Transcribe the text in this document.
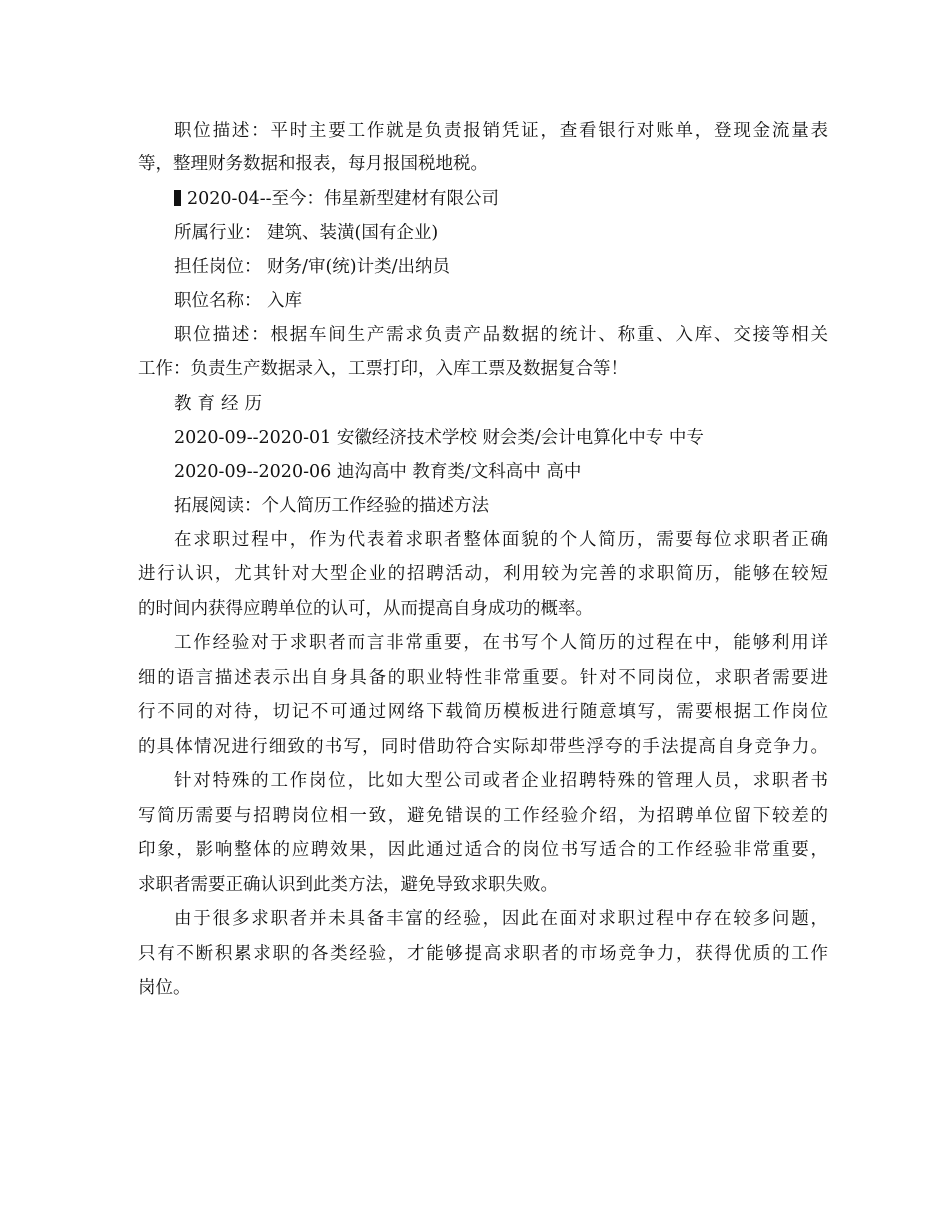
职位描述：平时主要工作就是负责报销凭证，查看银行对账单，登现金流量表
等，整理财务数据和报表，每月报国税地税。
2020-04--至今：伟星新型建材有限公司
所属行业： 建筑、装潢(国有企业)
担任岗位： 财务/审(统)计类/出纳员
职位名称： 入库
职位描述：根据车间生产需求负责产品数据的统计、称重、入库、交接等相关
工作：负责生产数据录入，工票打印，入库工票及数据复合等！
教育经历
2020-09--2020-01 安徽经济技术学校 财会类/会计电算化中专 中专
2020-09--2020-06 迪沟高中 教育类/文科高中 高中
拓展阅读：个人简历工作经验的描述方法
在求职过程中，作为代表着求职者整体面貌的个人简历，需要每位求职者正确
进行认识，尤其针对大型企业的招聘活动，利用较为完善的求职简历，能够在较短
的时间内获得应聘单位的认可，从而提高自身成功的概率。
工作经验对于求职者而言非常重要，在书写个人简历的过程在中，能够利用详
细的语言描述表示出自身具备的职业特性非常重要。针对不同岗位，求职者需要进
行不同的对待，切记不可通过网络下载简历模板进行随意填写，需要根据工作岗位
的具体情况进行细致的书写，同时借助符合实际却带些浮夸的手法提高自身竞争力。
针对特殊的工作岗位，比如大型公司或者企业招聘特殊的管理人员，求职者书
写简历需要与招聘岗位相一致，避免错误的工作经验介绍，为招聘单位留下较差的
印象，影响整体的应聘效果，因此通过适合的岗位书写适合的工作经验非常重要，
求职者需要正确认识到此类方法，避免导致求职失败。
由于很多求职者并未具备丰富的经验，因此在面对求职过程中存在较多问题，
只有不断积累求职的各类经验，才能够提高求职者的市场竞争力，获得优质的工作
岗位。
